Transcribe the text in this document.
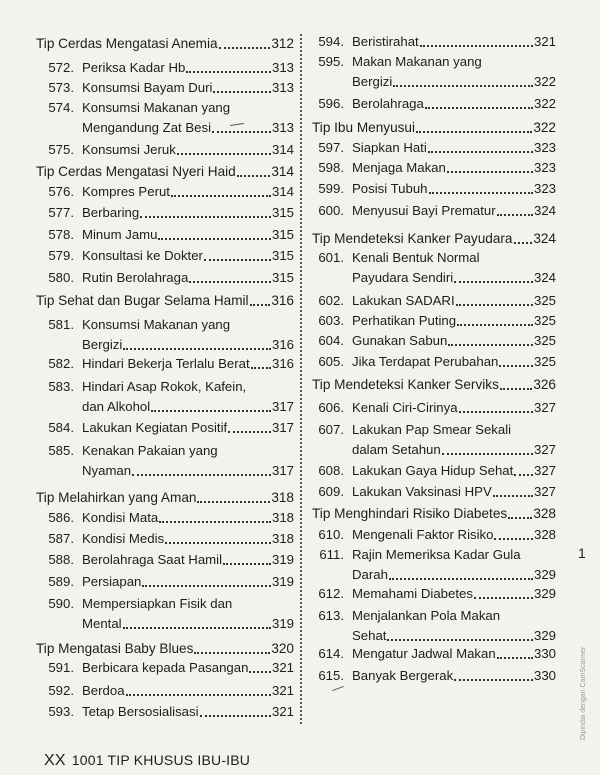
Tip Cerdas Mengatasi Anemia	312
572. Periksa Kadar Hb	313
573. Konsumsi Bayam Duri	313
574. Konsumsi Makanan yang
Mengandung Zat Besi	313
575. Konsumsi Jeruk	314
Tip Cerdas Mengatasi Nyeri Haid	314
576. Kompres Perut	314
577. Berbaring	315
578. Minum Jamu	315
579. Konsultasi ke Dokter	315
580. Rutin Berolahraga	315
Tip Sehat dan Bugar Selama Hamil 316
581. Konsumsi Makanan yang
Bergizi	316
582. Hindari Bekerja Terlalu Berat 316
583. Hindari Asap Rokok, Kafein,
dan Alkohol	317
584. Lakukan Kegiatan Positif	317
585. Kenakan Pakaian yang
Nyaman	317
Tip Melahirkan yang Aman	318
586. Kondisi Mata	318
587. Kondisi Medis	318
588. Berolahraga Saat Hamil	319
589. Persiapan	319
590. Mempersiapkan Fisik dan
Mental	319
Tip Mengatasi Baby Blues	320
591. Berbicara kepada Pasangan 321
592. Berdoa	321
593. Tetap Bersosialisasi	321
594. Beristirahat	321
595. Makan Makanan yang
Bergizi	322
596. Berolahraga	322
Tip Ibu Menyusui	322
597. Siapkan Hati	323
598. Menjaga Makan	323
599. Posisi Tubuh	323
600. Menyusui Bayi Prematur	324
Tip Mendeteksi Kanker Payudara 324
601. Kenali Bentuk Normal
Payudara Sendiri	324
602. Lakukan SADARI	325
603. Perhatikan Puting	325
604. Gunakan Sabun	325
605. Jika Terdapat Perubahan	325
Tip Mendeteksi Kanker Serviks	326
606. Kenali Ciri-Cirinya	327
607. Lakukan Pap Smear Sekali
dalam Setahun	327
608. Lakukan Gaya Hidup Sehat 327
609. Lakukan Vaksinasi HPV	327
Tip Menghindari Risiko Diabetes 328
610. Mengenali Faktor Risiko	328
611. Rajin Memeriksa Kadar Gula
Darah	329
612. Memahami Diabetes	329
613. Menjalankan Pola Makan
Sehat	329
614. Mengatur Jadwal Makan	330
615. Banyak Bergerak	330
XX 1001 TIP KHUSUS IBU-IBU
1
Dipindai dengan CamScanner
